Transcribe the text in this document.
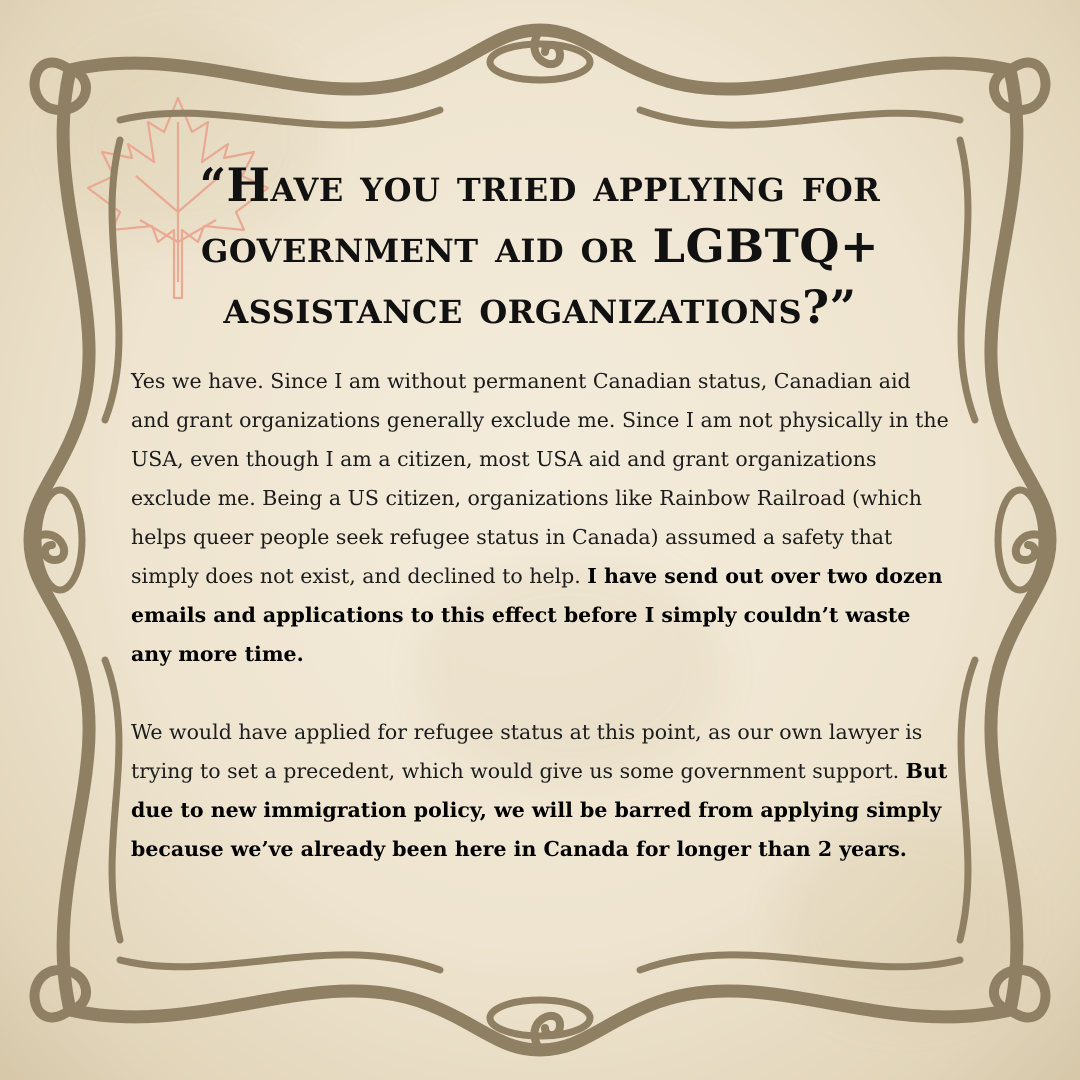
“Have you tried applying for government aid or LGBTQ+ assistance organizations?”

Yes we have. Since I am without permanent Canadian status, Canadian aid and grant organizations generally exclude me. Since I am not physically in the USA, even though I am a citizen, most USA aid and grant organizations exclude me. Being a US citizen, organizations like Rainbow Railroad (which helps queer people seek refugee status in Canada) assumed a safety that simply does not exist, and declined to help. I have send out over two dozen emails and applications to this effect before I simply couldn’t waste any more time.

We would have applied for refugee status at this point, as our own lawyer is trying to set a precedent, which would give us some government support. But due to new immigration policy, we will be barred from applying simply because we’ve already been here in Canada for longer than 2 years.
